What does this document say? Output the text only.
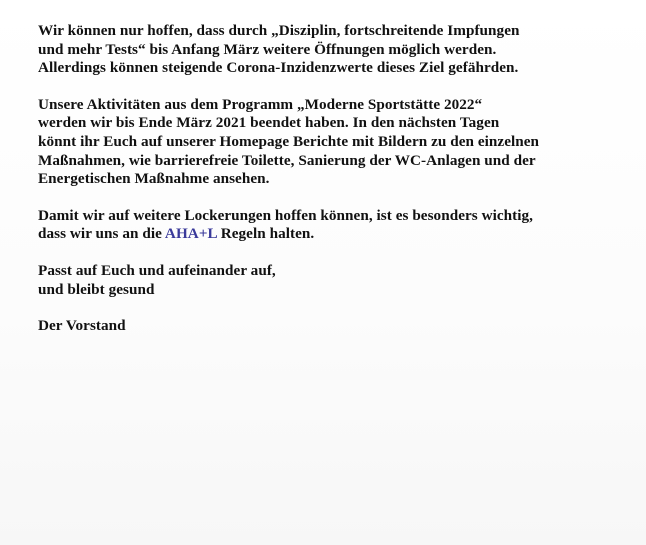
Wir können nur hoffen, dass durch „Disziplin, fortschreitende Impfungen
und mehr Tests“ bis Anfang März weitere Öffnungen möglich werden.
Allerdings können steigende Corona-Inzidenzwerte dieses Ziel gefährden.

Unsere Aktivitäten aus dem Programm „Moderne Sportstätte 2022“
werden wir bis Ende März 2021 beendet haben. In den nächsten Tagen
könnt ihr Euch auf unserer Homepage Berichte mit Bildern zu den einzelnen
Maßnahmen, wie barrierefreie Toilette, Sanierung der WC-Anlagen und der
Energetischen Maßnahme ansehen.

Damit wir auf weitere Lockerungen hoffen können, ist es besonders wichtig,
dass wir uns an die AHA+L Regeln halten.

Passt auf Euch und aufeinander auf,
und bleibt gesund

Der Vorstand
